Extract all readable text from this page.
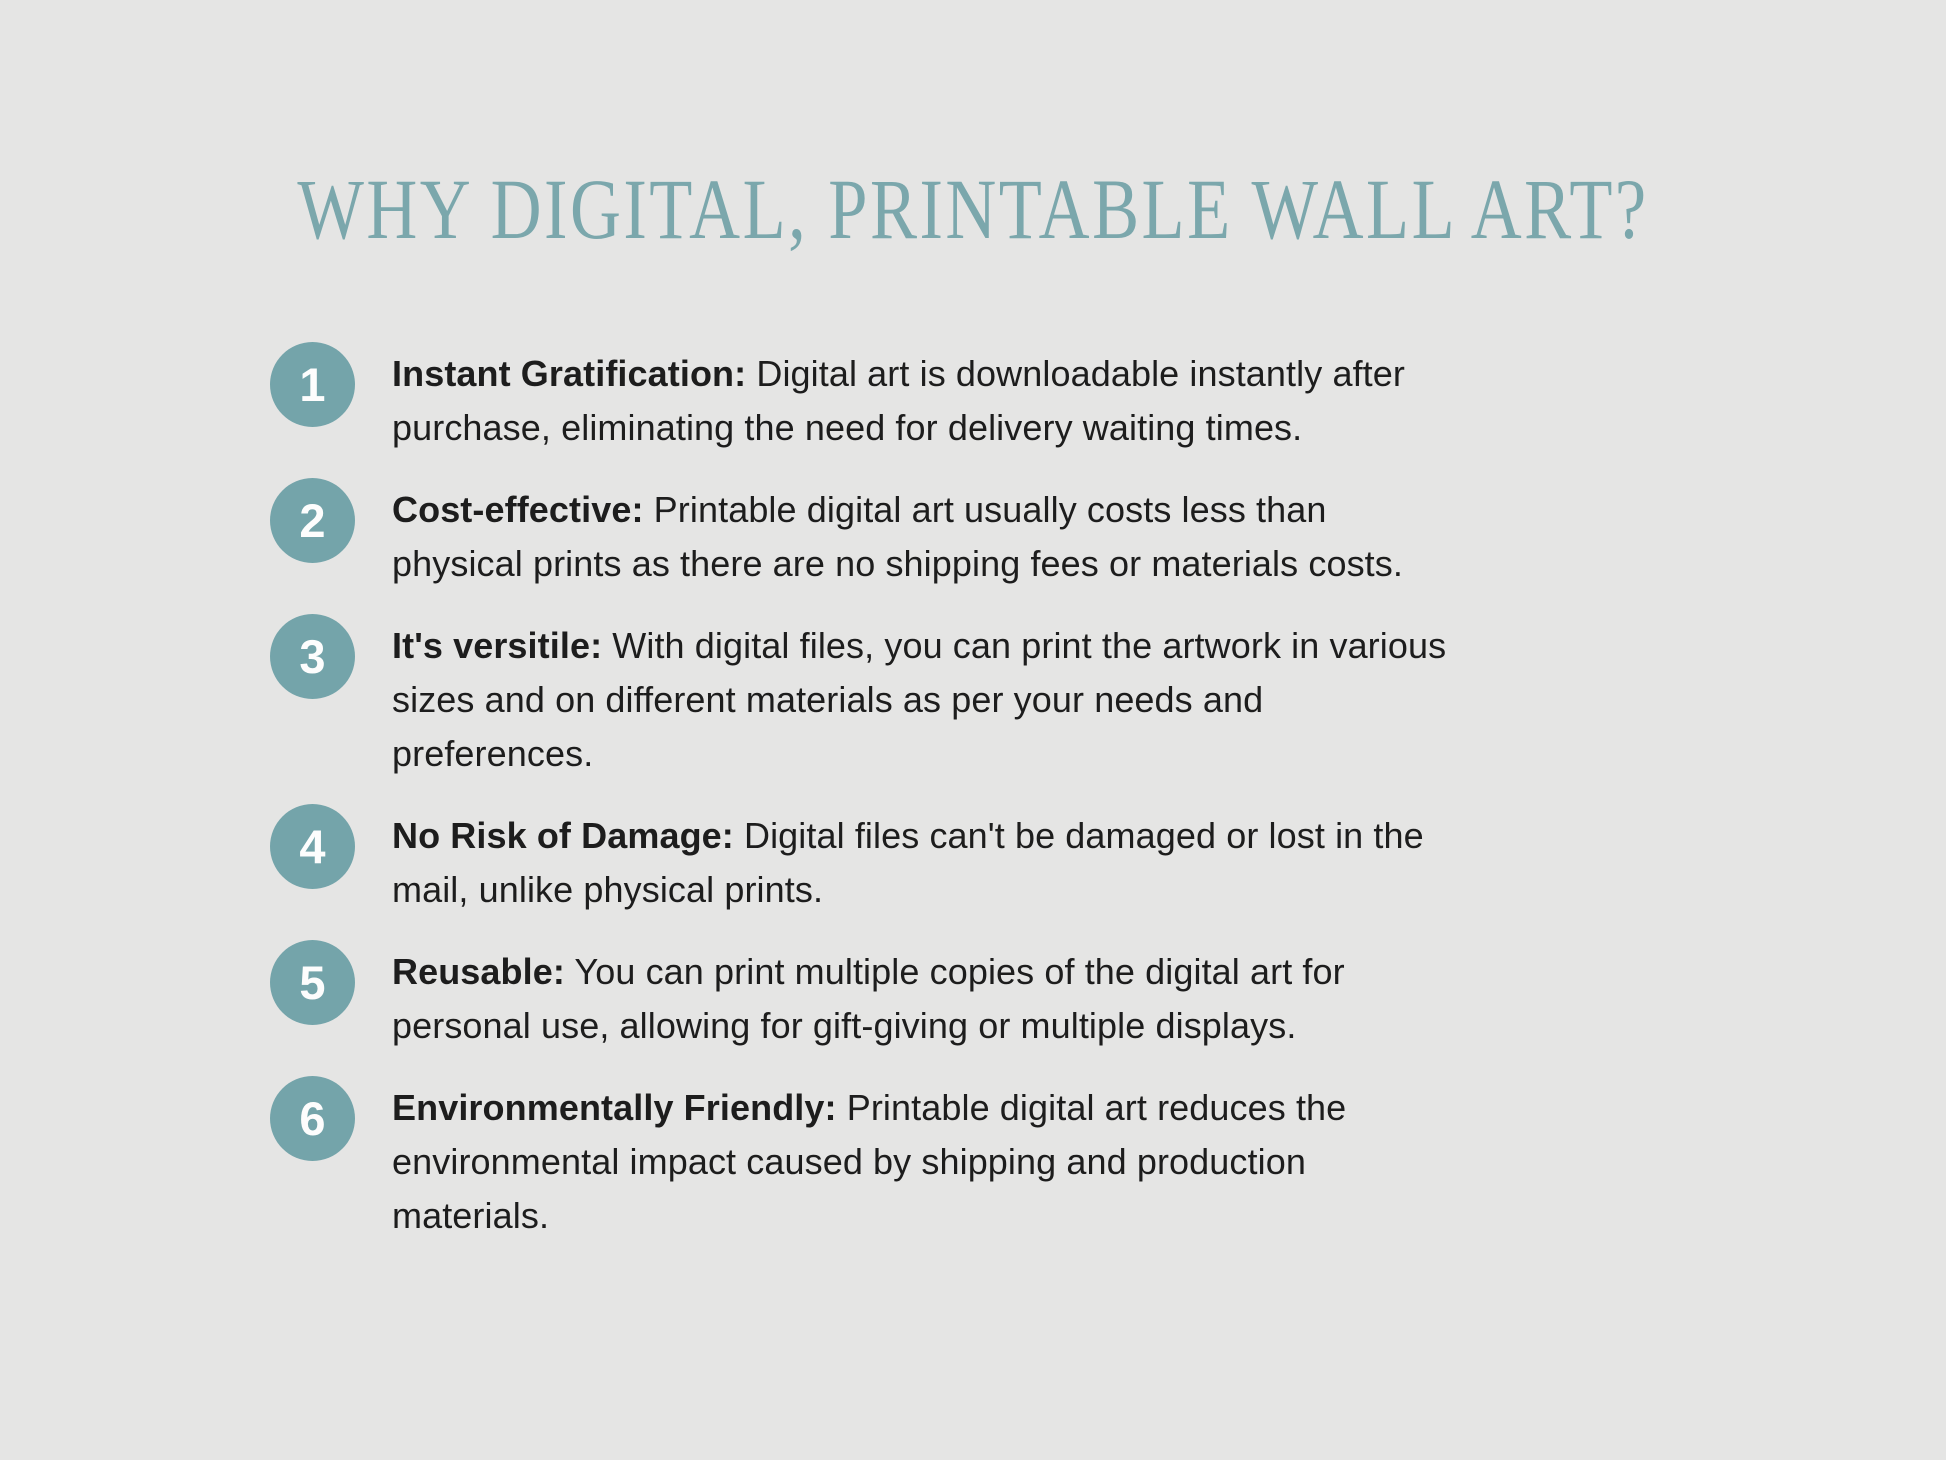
WHY DIGITAL, PRINTABLE WALL ART?
1 Instant Gratification: Digital art is downloadable instantly after
purchase, eliminating the need for delivery waiting times.

2 Cost-effective: Printable digital art usually costs less than
physical prints as there are no shipping fees or materials costs.

3 It's versitile: With digital files, you can print the artwork in various
sizes and on different materials as per your needs and
preferences.

4 No Risk of Damage: Digital files can't be damaged or lost in the
mail, unlike physical prints.

5 Reusable: You can print multiple copies of the digital art for
personal use, allowing for gift-giving or multiple displays.

6 Environmentally Friendly: Printable digital art reduces the
environmental impact caused by shipping and production
materials.
